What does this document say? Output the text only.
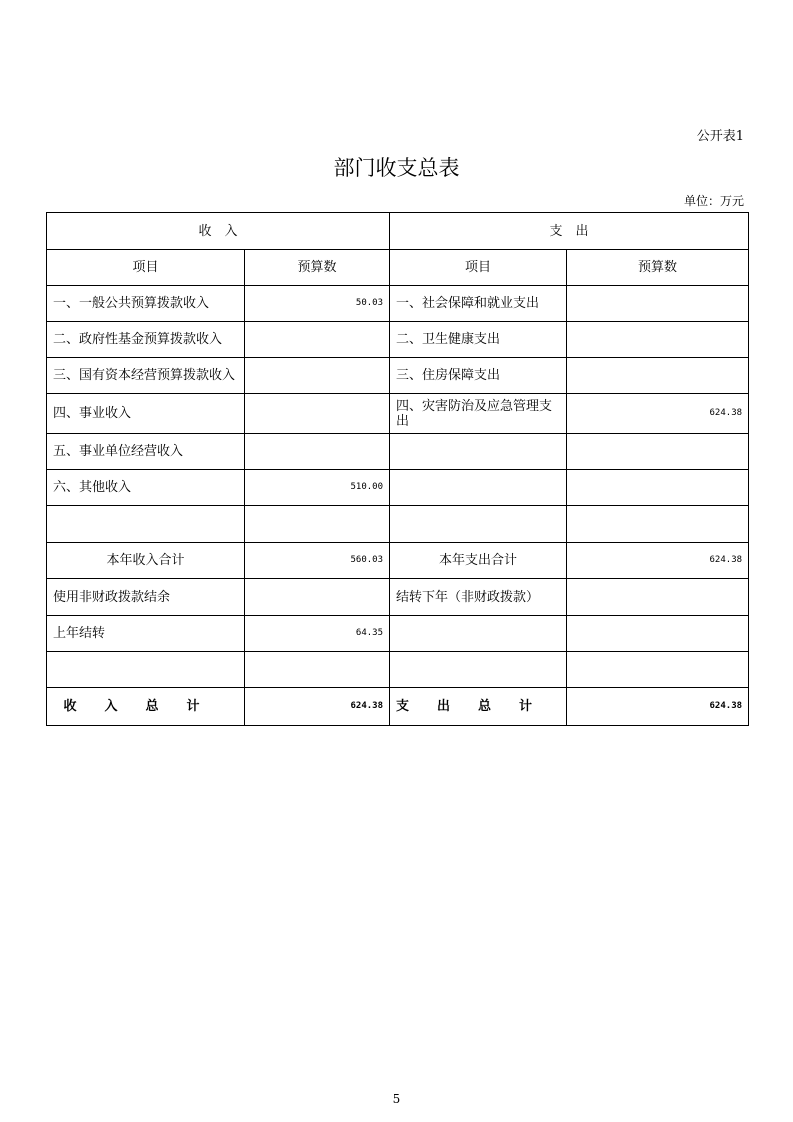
公开表1
部门收支总表
单位：万元
收　入		支　出	
项目	预算数	项目	预算数
一、一般公共预算拨款收入	50.03	一、社会保障和就业支出	
二、政府性基金预算拨款收入		二、卫生健康支出	
三、国有资本经营预算拨款收入		三、住房保障支出	
四、事业收入		四、灾害防治及应急管理支出	624.38
五、事业单位经营收入			
六、其他收入	510.00		

本年收入合计	560.03	本年支出合计	624.38
使用非财政拨款结余		结转下年（非财政拨款）	
上年结转	64.35		

收入总计	624.38	支出总计	624.38
5
